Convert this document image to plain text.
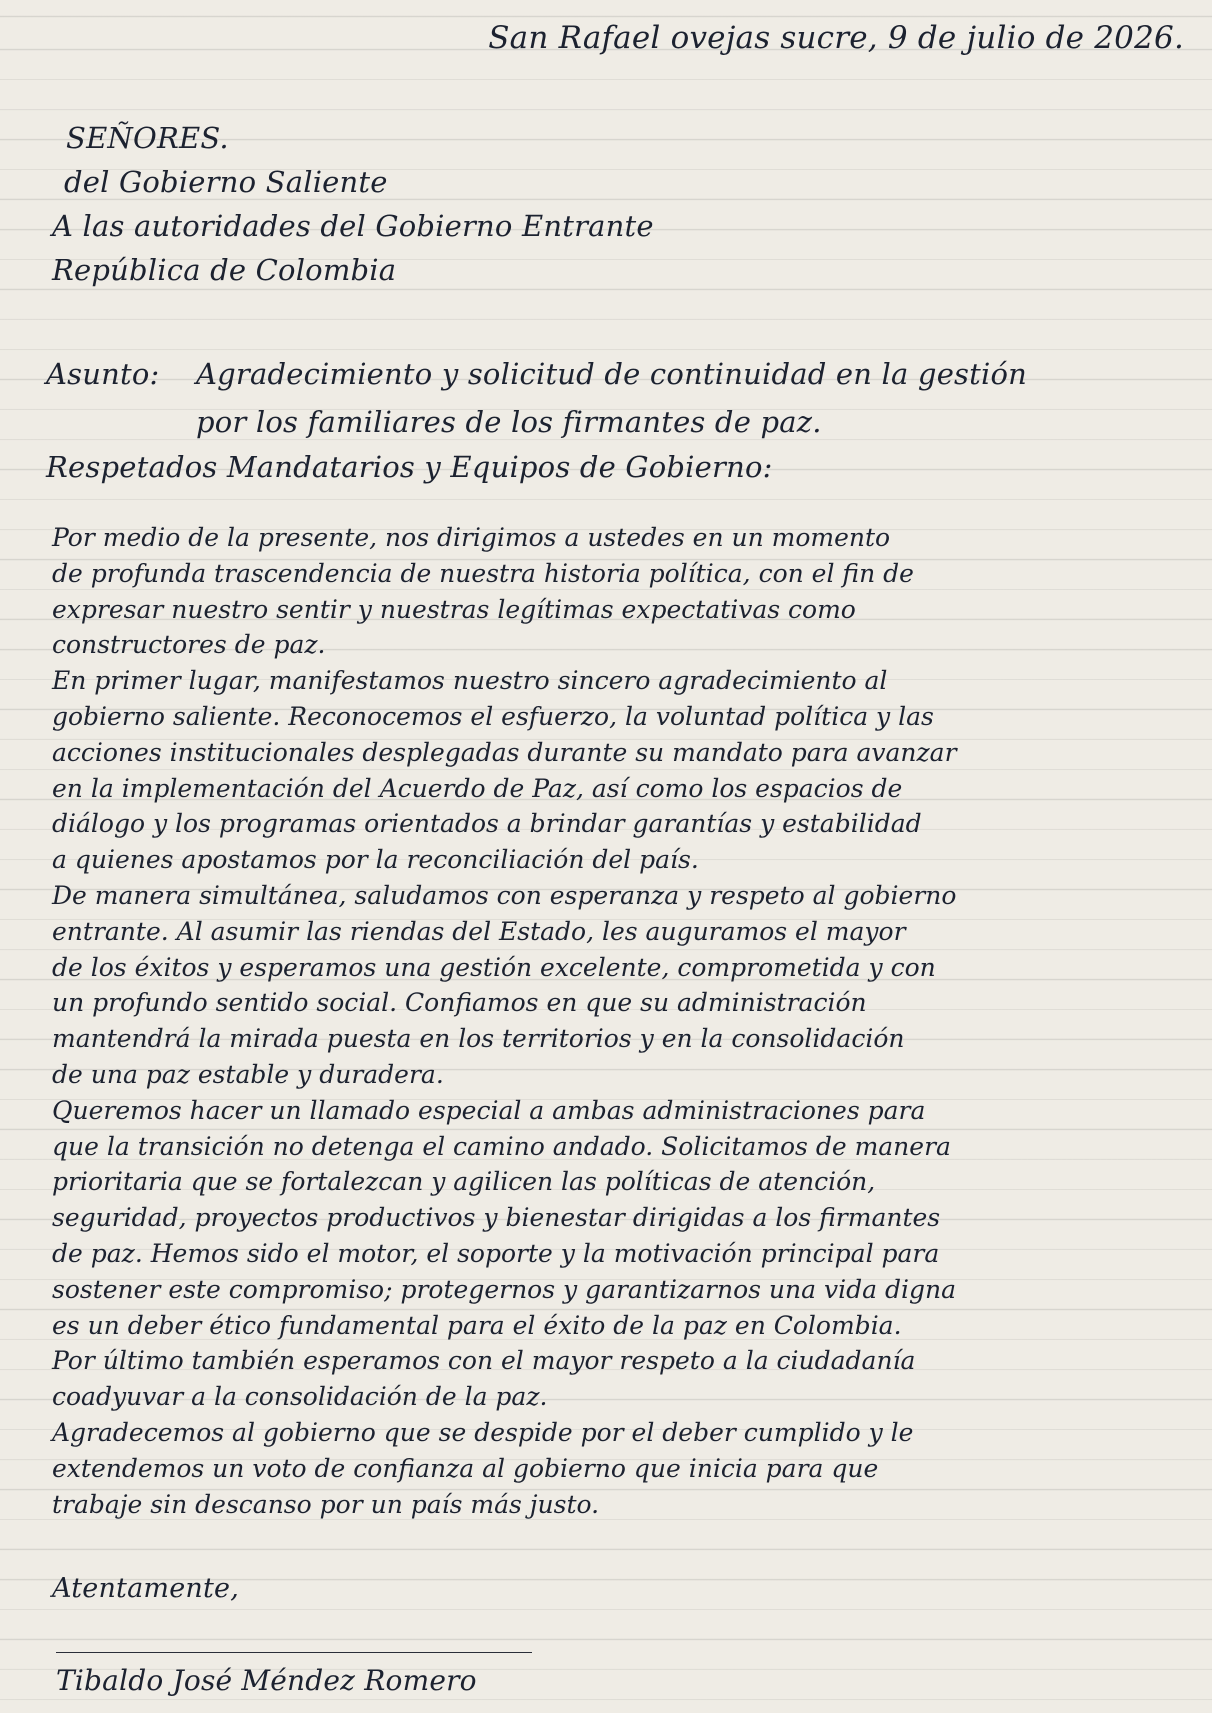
San Rafael ovejas sucre, 9 de julio de 2026.

SEÑORES.
del Gobierno Saliente
A las autoridades del Gobierno Entrante
República de Colombia
Asunto: Agradecimiento y solicitud de continuidad en la gestión
por los familiares de los firmantes de paz.

Respetados Mandatarios y Equipos de Gobierno:

Por medio de la presente, nos dirigimos a ustedes en un momento
de profunda trascendencia de nuestra historia política, con el fin de
expresar nuestro sentir y nuestras legítimas expectativas como
constructores de paz.
En primer lugar, manifestamos nuestro sincero agradecimiento al
gobierno saliente. Reconocemos el esfuerzo, la voluntad política y las
acciones institucionales desplegadas durante su mandato para avanzar
en la implementación del Acuerdo de Paz, así como los espacios de
diálogo y los programas orientados a brindar garantías y estabilidad
a quienes apostamos por la reconciliación del país.
De manera simultánea, saludamos con esperanza y respeto al gobierno
entrante. Al asumir las riendas del Estado, les auguramos el mayor
de los éxitos y esperamos una gestión excelente, comprometida y con
un profundo sentido social. Confiamos en que su administración
mantendrá la mirada puesta en los territorios y en la consolidación
de una paz estable y duradera.
Queremos hacer un llamado especial a ambas administraciones para
que la transición no detenga el camino andado. Solicitamos de manera
prioritaria que se fortalezcan y agilicen las políticas de atención,
seguridad, proyectos productivos y bienestar dirigidas a los firmantes
de paz. Hemos sido el motor, el soporte y la motivación principal para
sostener este compromiso; protegernos y garantizarnos una vida digna
es un deber ético fundamental para el éxito de la paz en Colombia.
Por último también esperamos con el mayor respeto a la ciudadanía
coadyuvar a la consolidación de la paz.
Agradecemos al gobierno que se despide por el deber cumplido y le
extendemos un voto de confianza al gobierno que inicia para que
trabaje sin descanso por un país más justo.

Atentamente,

Tibaldo José Méndez Romero
